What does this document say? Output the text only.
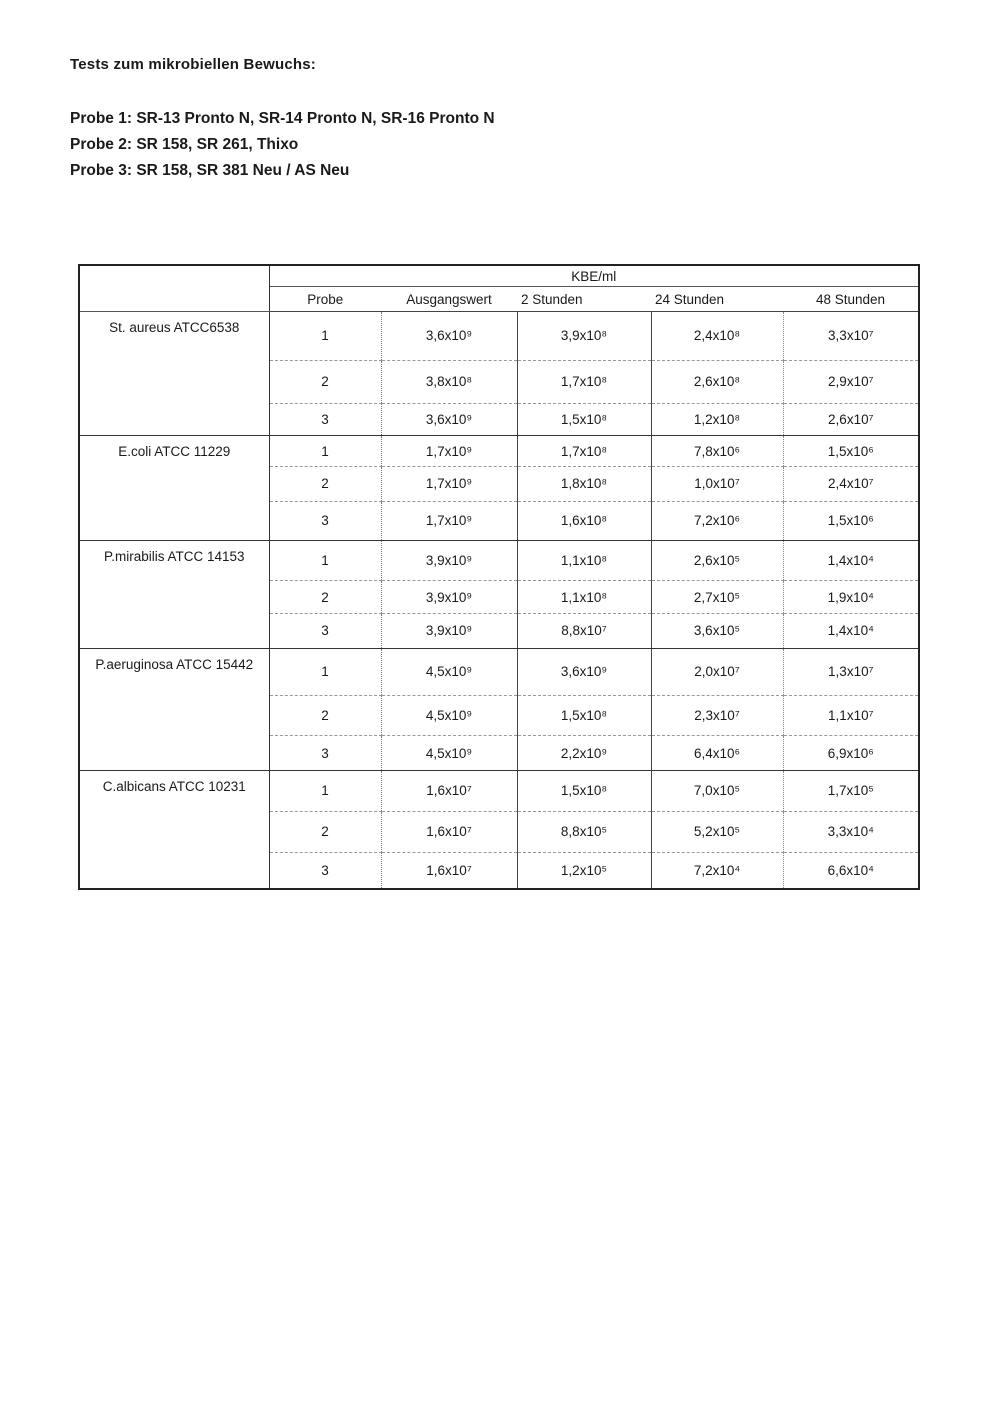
Tests zum mikrobiellen Bewuchs:
Probe 1: SR-13 Pronto N, SR-14 Pronto N, SR-16 Pronto N
Probe 2: SR 158, SR 261, Thixo
Probe 3: SR 158, SR 381 Neu / AS Neu
	KBE/ml				
	Probe	Ausgangswert	2 Stunden	24 Stunden	48 Stunden
St. aureus ATCC6538	1	3,6x10⁹	3,9x10⁸	2,4x10⁸	3,3x10⁷
	2	3,8x10⁸	1,7x10⁸	2,6x10⁸	2,9x10⁷
	3	3,6x10⁹	1,5x10⁸	1,2x10⁸	2,6x10⁷
E.coli ATCC 11229	1	1,7x10⁹	1,7x10⁸	7,8x10⁶	1,5x10⁶
	2	1,7x10⁹	1,8x10⁸	1,0x10⁷	2,4x10⁷
	3	1,7x10⁹	1,6x10⁸	7,2x10⁶	1,5x10⁶
P.mirabilis ATCC 14153	1	3,9x10⁹	1,1x10⁸	2,6x10⁵	1,4x10⁴
	2	3,9x10⁹	1,1x10⁸	2,7x10⁵	1,9x10⁴
	3	3,9x10⁹	8,8x10⁷	3,6x10⁵	1,4x10⁴
P.aeruginosa ATCC 15442	1	4,5x10⁹	3,6x10⁹	2,0x10⁷	1,3x10⁷
	2	4,5x10⁹	1,5x10⁸	2,3x10⁷	1,1x10⁷
	3	4,5x10⁹	2,2x10⁹	6,4x10⁶	6,9x10⁶
C.albicans ATCC 10231	1	1,6x10⁷	1,5x10⁸	7,0x10⁵	1,7x10⁵
	2	1,6x10⁷	8,8x10⁵	5,2x10⁵	3,3x10⁴
	3	1,6x10⁷	1,2x10⁵	7,2x10⁴	6,6x10⁴
